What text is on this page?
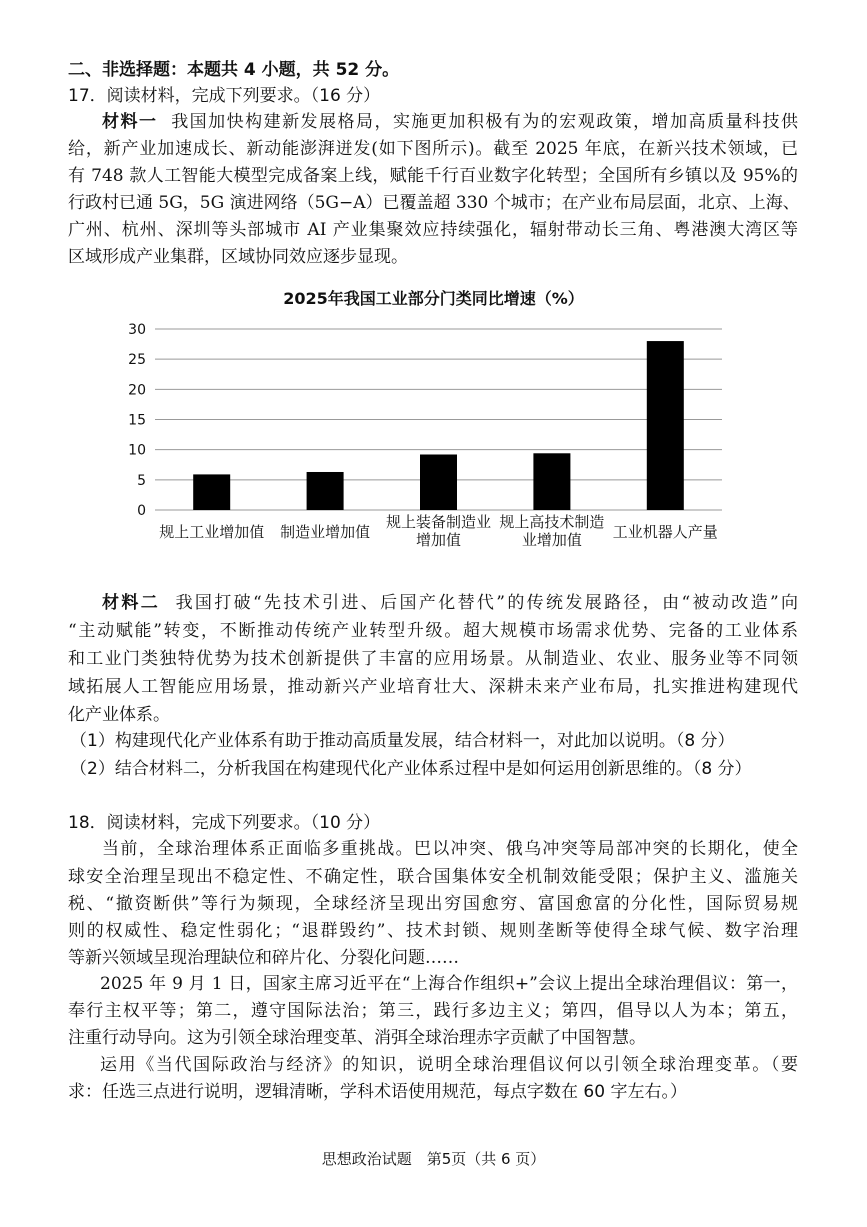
二、非选择题：本题共 4 小题，共 52 分。
17．阅读材料，完成下列要求。（16 分）
材料一 我国加快构建新发展格局，实施更加积极有为的宏观政策，增加高质量科技供
给，新产业加速成长、新动能澎湃迸发(如下图所示)。截至 2025 年底，在新兴技术领域，已
有 748 款人工智能大模型完成备案上线，赋能千行百业数字化转型；全国所有乡镇以及 95%的
行政村已通 5G，5G 演进网络（5G−A）已覆盖超 330 个城市；在产业布局层面，北京、上海、
广州、杭州、深圳等头部城市 AI 产业集聚效应持续强化，辐射带动长三角、粤港澳大湾区等
区域形成产业集群，区域协同效应逐步显现。
2025年我国工业部分门类同比增速（%）
0
5
10
15
20
25
30
规上工业增加值 制造业增加值
规上装备制造业
增加值
规上高技术制造
业增加值 工业机器人产量
材料二 我国打破“先技术引进、后国产化替代”的传统发展路径，由“被动改造”向
“主动赋能”转变，不断推动传统产业转型升级。超大规模市场需求优势、完备的工业体系
和工业门类独特优势为技术创新提供了丰富的应用场景。从制造业、农业、服务业等不同领
域拓展人工智能应用场景，推动新兴产业培育壮大、深耕未来产业布局，扎实推进构建现代
化产业体系。
（1）构建现代化产业体系有助于推动高质量发展，结合材料一，对此加以说明。（8 分）
（2）结合材料二，分析我国在构建现代化产业体系过程中是如何运用创新思维的。（8 分）
18．阅读材料，完成下列要求。（10 分）
当前，全球治理体系正面临多重挑战。巴以冲突、俄乌冲突等局部冲突的长期化，使全
球安全治理呈现出不稳定性、不确定性，联合国集体安全机制效能受限；保护主义、滥施关
税、“撤资断供”等行为频现，全球经济呈现出穷国愈穷、富国愈富的分化性，国际贸易规
则的权威性、稳定性弱化；“退群毁约”、技术封锁、规则垄断等使得全球气候、数字治理
等新兴领域呈现治理缺位和碎片化、分裂化问题……
2025 年 9 月 1 日，国家主席习近平在“上海合作组织+”会议上提出全球治理倡议：第一，
奉行主权平等；第二，遵守国际法治；第三，践行多边主义；第四，倡导以人为本；第五，
注重行动导向。这为引领全球治理变革、消弭全球治理赤字贡献了中国智慧。
运用《当代国际政治与经济》的知识，说明全球治理倡议何以引领全球治理变革。（要
求：任选三点进行说明，逻辑清晰，学科术语使用规范，每点字数在 60 字左右。）
思想政治试题　第5页（共 6 页）
